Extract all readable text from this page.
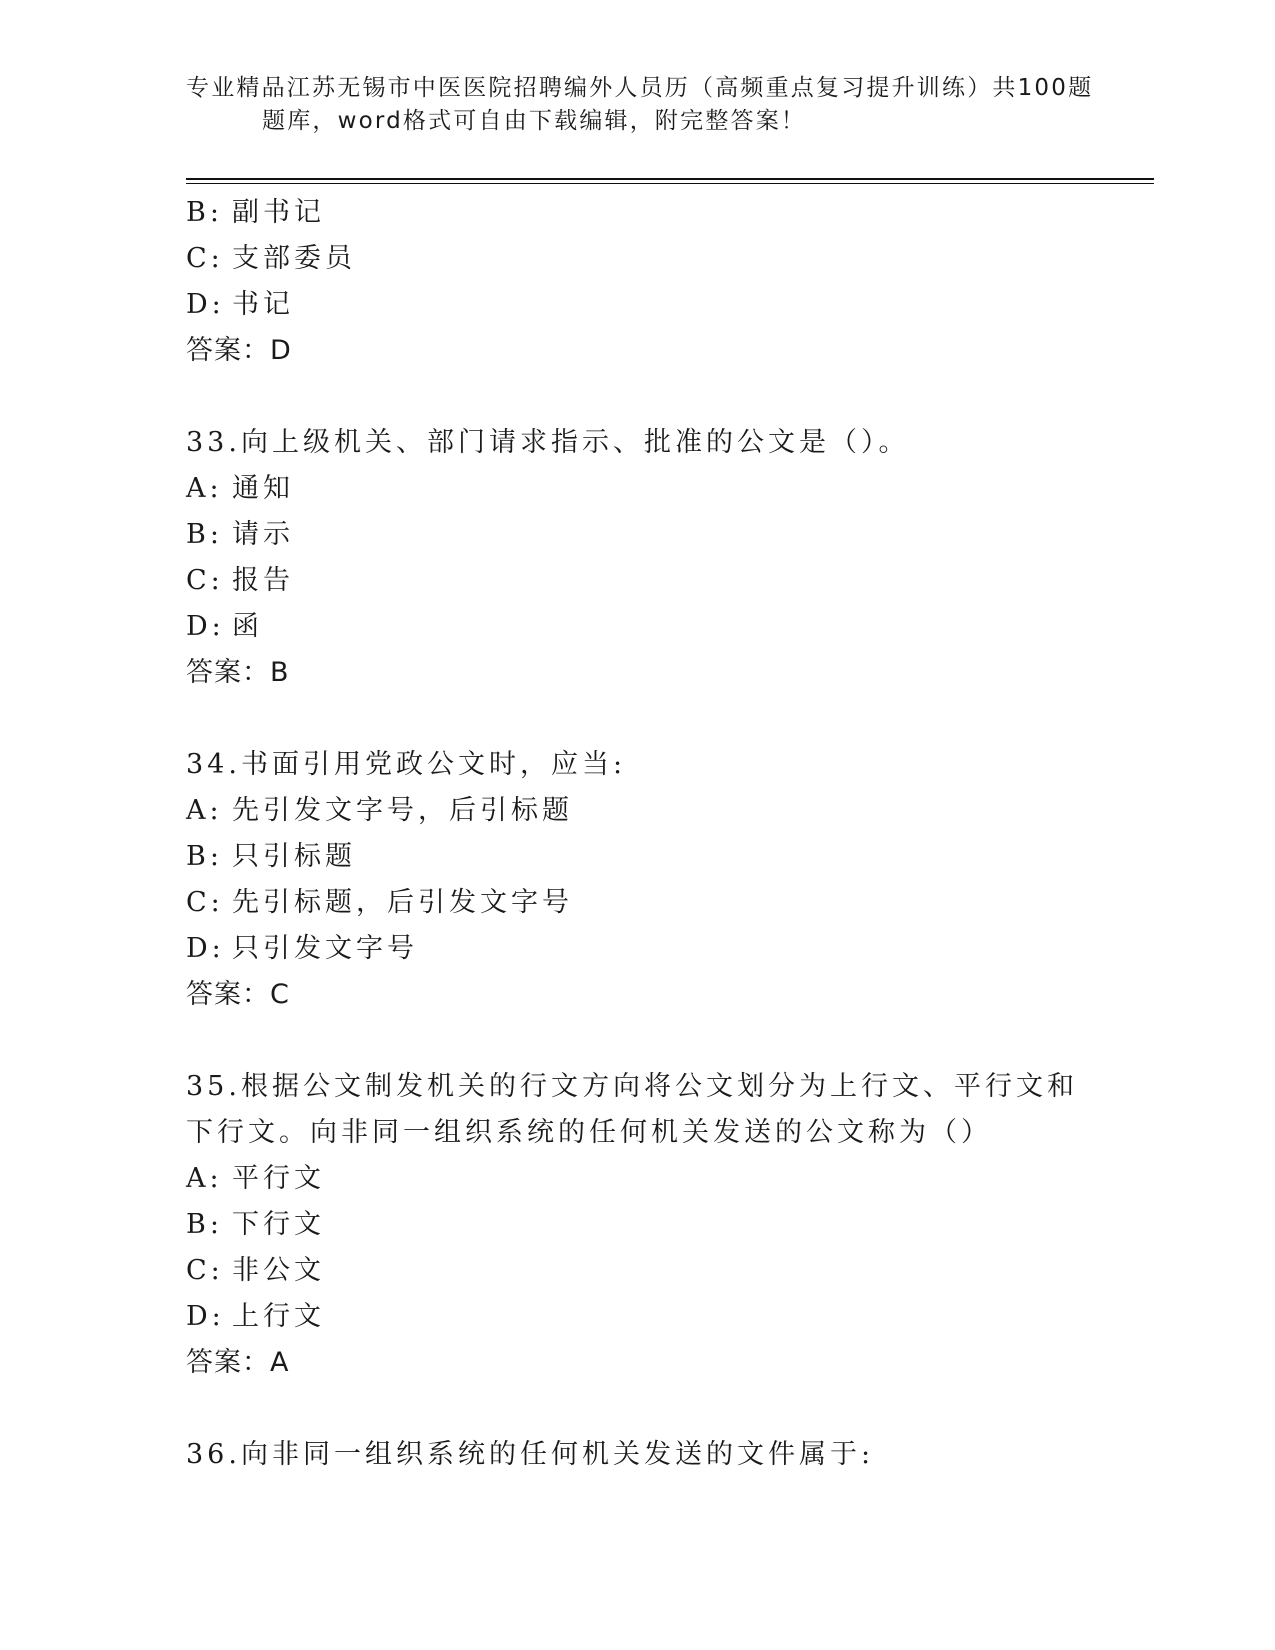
专业精品江苏无锡市中医医院招聘编外人员历（高频重点复习提升训练）共100题
题库，word格式可自由下载编辑，附完整答案！
B: 副书记
C: 支部委员
D: 书记
答案：D
33.向上级机关、部门请求指示、批准的公文是（）。
A: 通知
B: 请示
C: 报告
D: 函
答案：B
34.书面引用党政公文时，应当:
A: 先引发文字号，后引标题
B: 只引标题
C: 先引标题，后引发文字号
D: 只引发文字号
答案：C
35.根据公文制发机关的行文方向将公文划分为上行文、平行文和下行文。向非同一组织系统的任何机关发送的公文称为（）
A: 平行文
B: 下行文
C: 非公文
D: 上行文
答案：A
36.向非同一组织系统的任何机关发送的文件属于:
